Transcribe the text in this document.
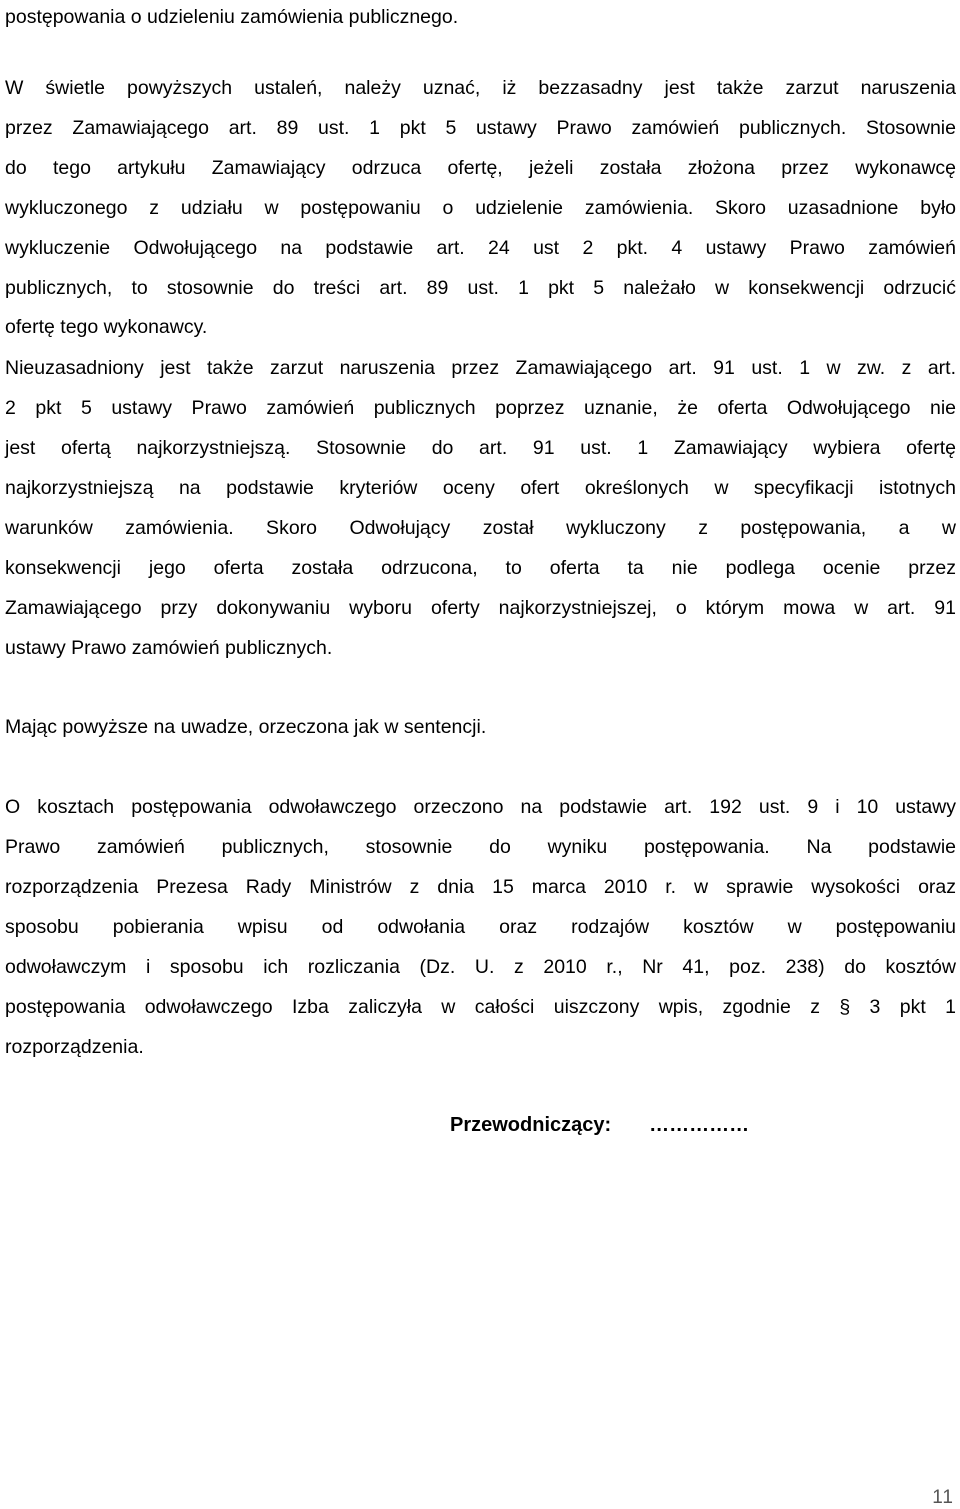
postępowania o udzieleniu zamówienia publicznego.
W świetle powyższych ustaleń, należy uznać, iż bezzasadny jest także zarzut naruszenia
przez Zamawiającego art. 89 ust. 1 pkt 5 ustawy Prawo zamówień publicznych. Stosownie
do tego artykułu Zamawiający odrzuca ofertę, jeżeli została złożona przez wykonawcę
wykluczonego z udziału w postępowaniu o udzielenie zamówienia. Skoro uzasadnione było
wykluczenie Odwołującego na podstawie art. 24 ust 2 pkt. 4 ustawy Prawo zamówień
publicznych, to stosownie do treści art. 89 ust. 1 pkt 5 należało w konsekwencji odrzucić
ofertę tego wykonawcy.
Nieuzasadniony jest także zarzut naruszenia przez Zamawiającego art. 91 ust. 1 w zw. z art.
2 pkt 5 ustawy Prawo zamówień publicznych poprzez uznanie, że oferta Odwołującego nie
jest ofertą najkorzystniejszą. Stosownie do art. 91 ust. 1 Zamawiający wybiera ofertę
najkorzystniejszą na podstawie kryteriów oceny ofert określonych w specyfikacji istotnych
warunków zamówienia. Skoro Odwołujący został wykluczony z postępowania, a w
konsekwencji jego oferta została odrzucona, to oferta ta nie podlega ocenie przez
Zamawiającego przy dokonywaniu wyboru oferty najkorzystniejszej, o którym mowa w art. 91
ustawy Prawo zamówień publicznych.
Mając powyższe na uwadze, orzeczona jak w sentencji.
O kosztach postępowania odwoławczego orzeczono na podstawie art. 192 ust. 9 i 10 ustawy
Prawo zamówień publicznych, stosownie do wyniku postępowania. Na podstawie
rozporządzenia Prezesa Rady Ministrów z dnia 15 marca 2010 r. w sprawie wysokości oraz
sposobu pobierania wpisu od odwołania oraz rodzajów kosztów w postępowaniu
odwoławczym i sposobu ich rozliczania (Dz. U. z 2010 r., Nr 41, poz. 238) do kosztów
postępowania odwoławczego Izba zaliczyła w całości uiszczony wpis, zgodnie z § 3 pkt 1
rozporządzenia.
Przewodniczący: ……………
11
